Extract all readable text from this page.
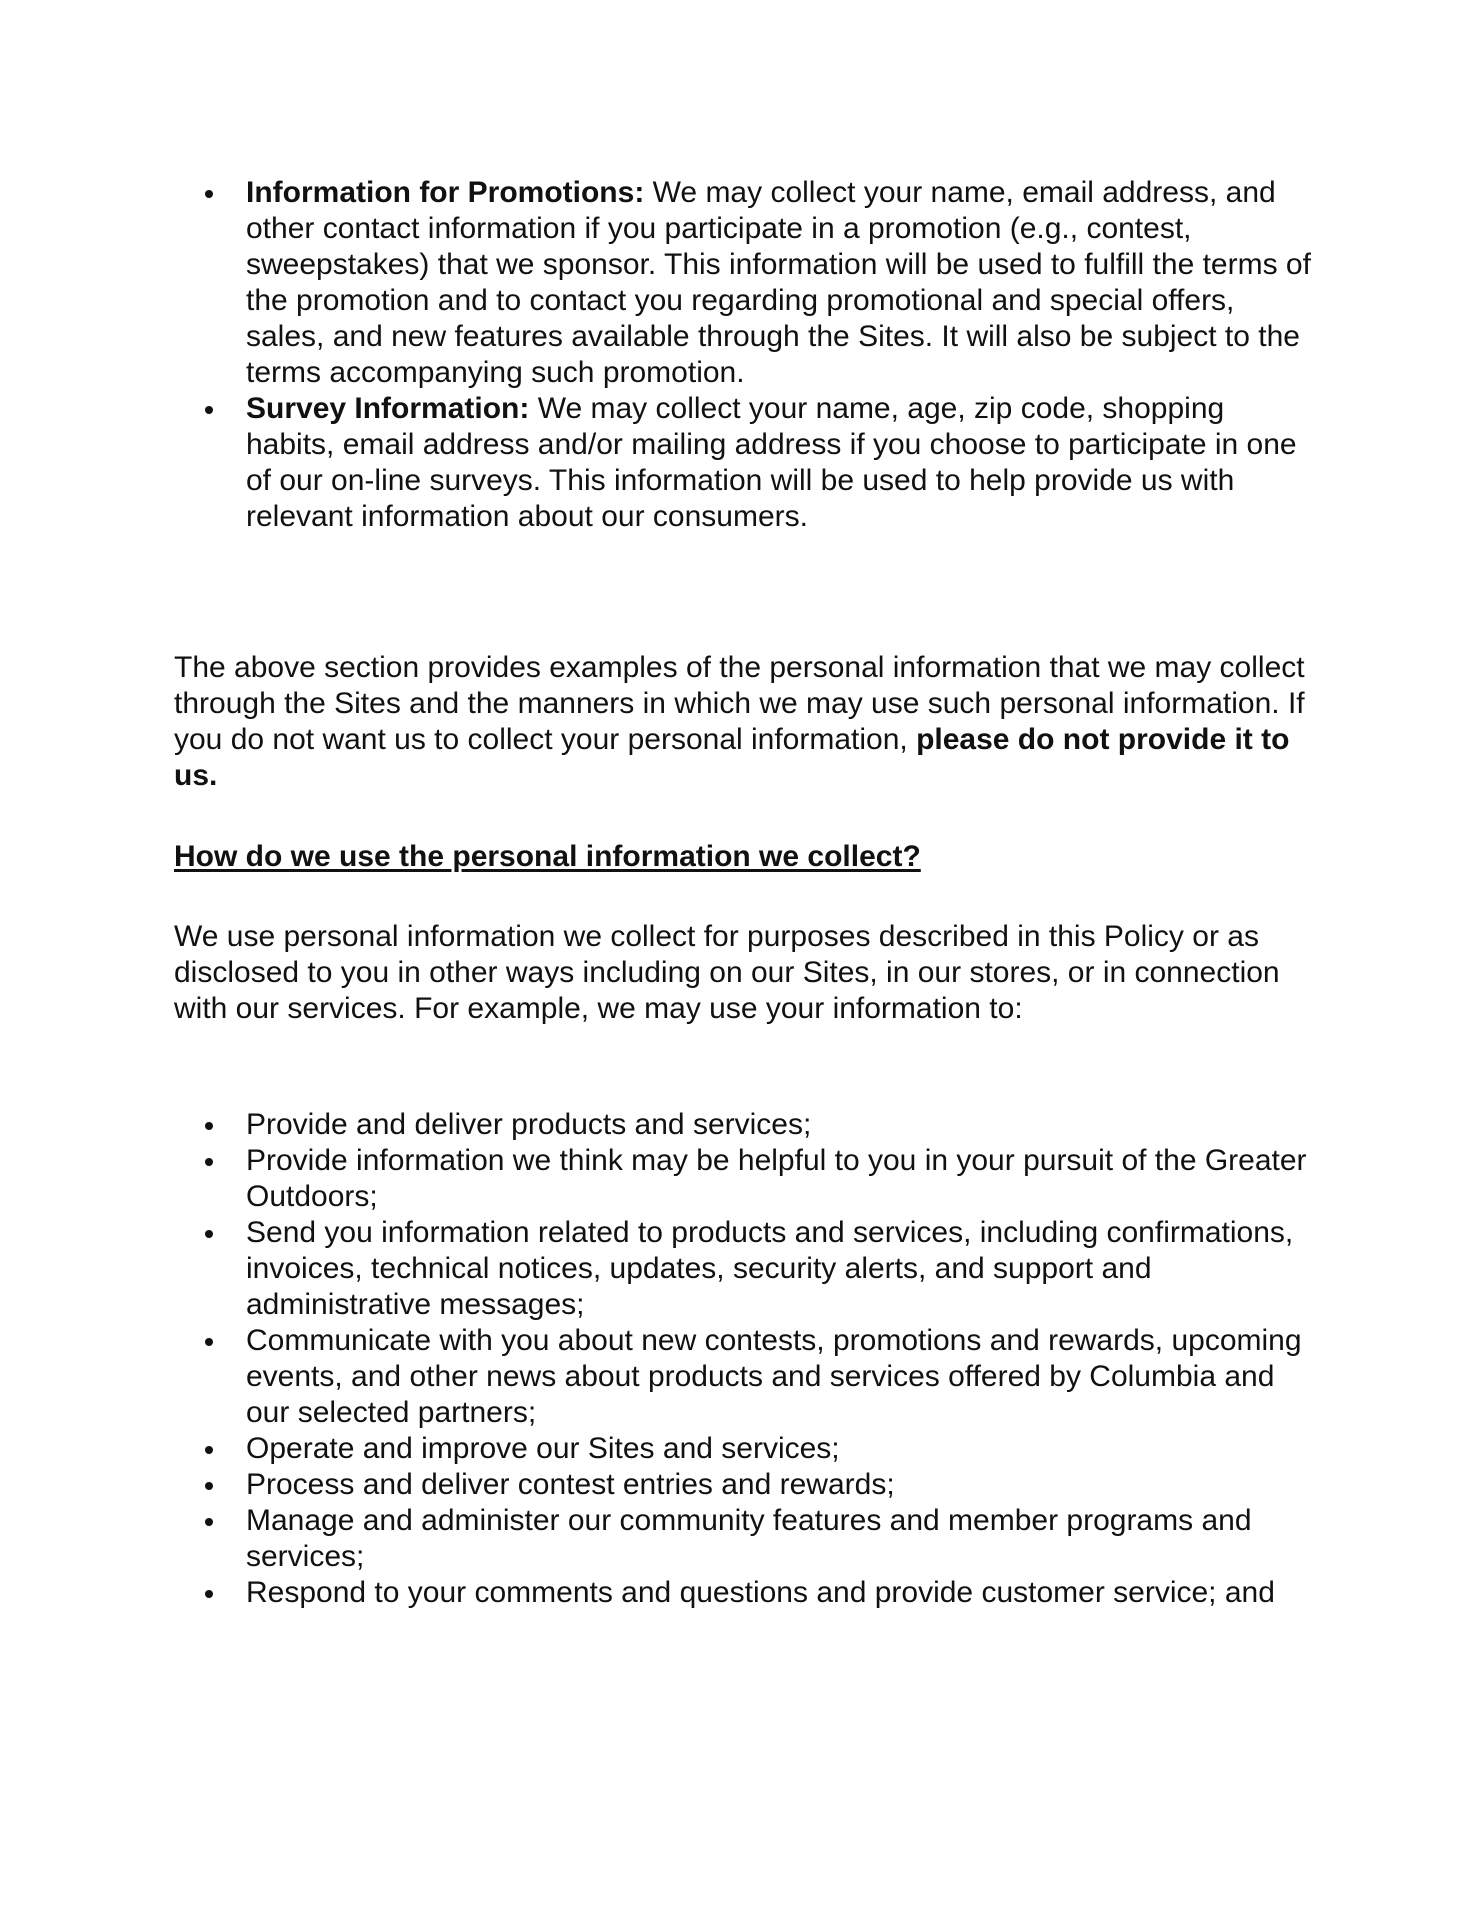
Information for Promotions: We may collect your name, email address, and other contact information if you participate in a promotion (e.g., contest, sweepstakes) that we sponsor. This information will be used to fulfill the terms of the promotion and to contact you regarding promotional and special offers, sales, and new features available through the Sites. It will also be subject to the terms accompanying such promotion.
Survey Information: We may collect your name, age, zip code, shopping habits, email address and/or mailing address if you choose to participate in one of our on-line surveys. This information will be used to help provide us with relevant information about our consumers.

The above section provides examples of the personal information that we may collect through the Sites and the manners in which we may use such personal information. If you do not want us to collect your personal information, please do not provide it to us.

How do we use the personal information we collect?

We use personal information we collect for purposes described in this Policy or as disclosed to you in other ways including on our Sites, in our stores, or in connection with our services. For example, we may use your information to:

Provide and deliver products and services;
Provide information we think may be helpful to you in your pursuit of the Greater Outdoors;
Send you information related to products and services, including confirmations, invoices, technical notices, updates, security alerts, and support and administrative messages;
Communicate with you about new contests, promotions and rewards, upcoming events, and other news about products and services offered by Columbia and our selected partners;
Operate and improve our Sites and services;
Process and deliver contest entries and rewards;
Manage and administer our community features and member programs and services;
Respond to your comments and questions and provide customer service; and
